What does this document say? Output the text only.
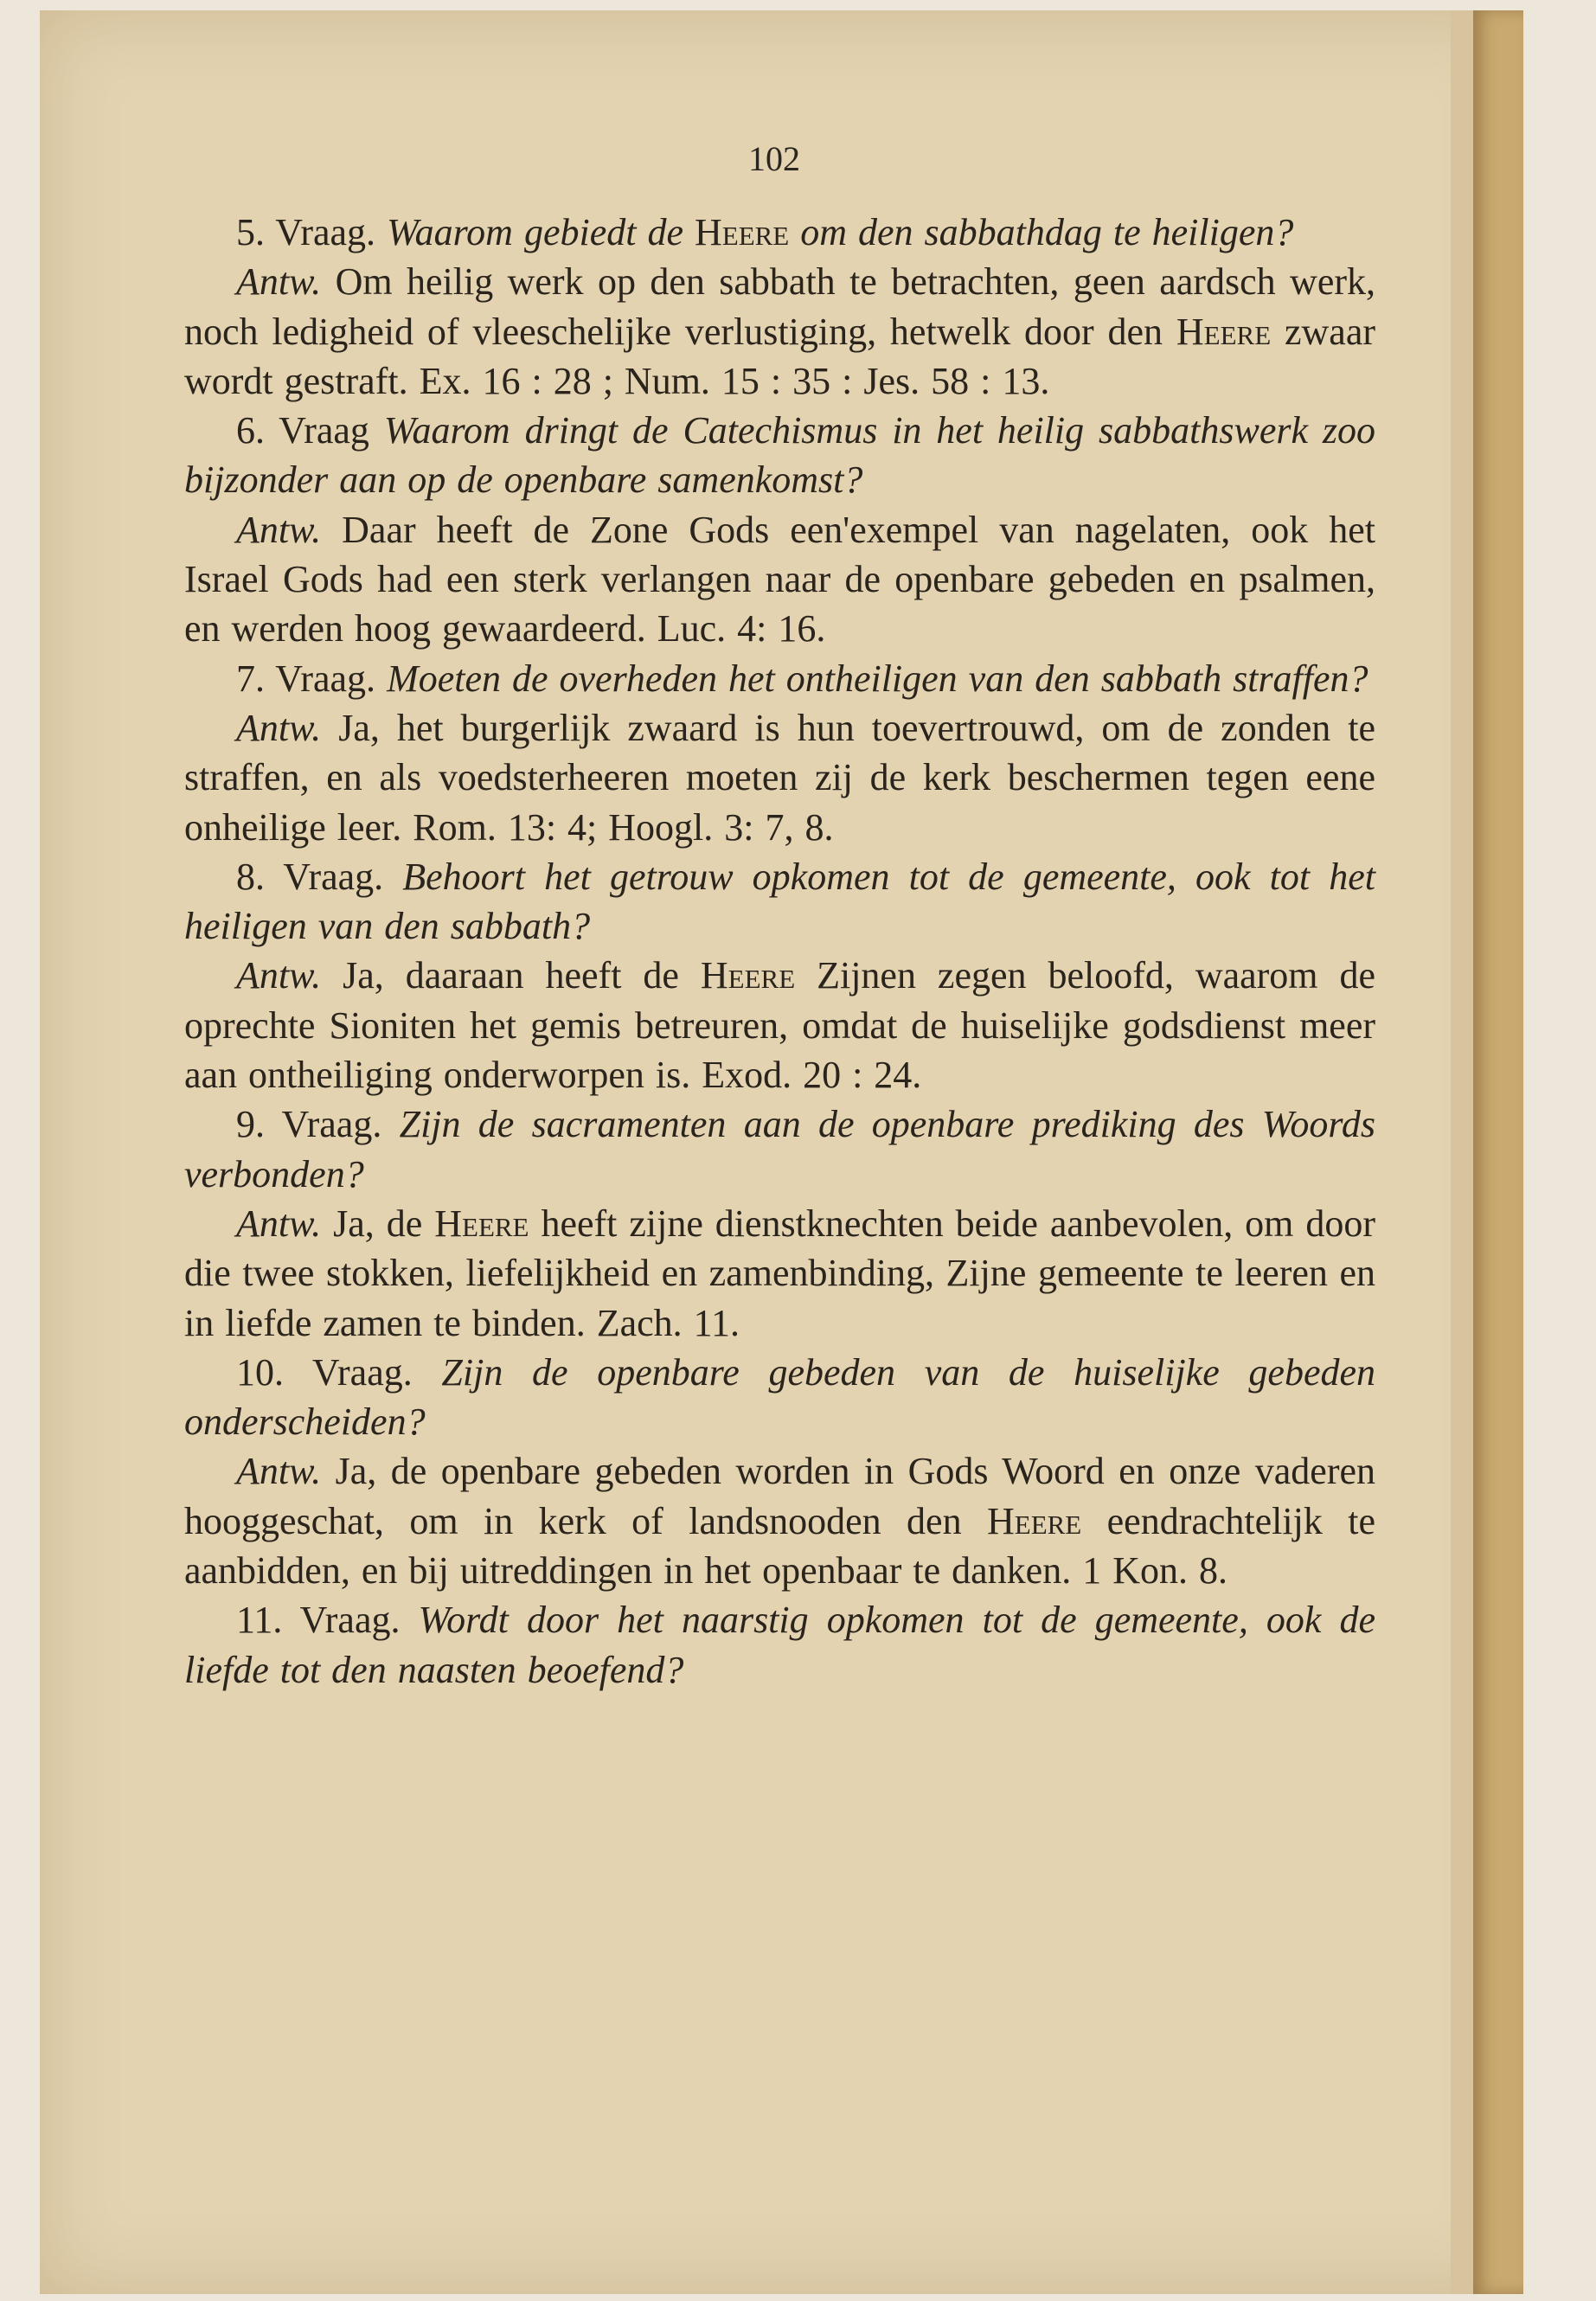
102

5. Vraag. Waarom gebiedt de Heere om den sabbathdag te heiligen?

Antw. Om heilig werk op den sabbath te betrachten, geen aardsch werk, noch ledigheid of vleeschelijke verlustiging, hetwelk door den Heere zwaar wordt gestraft. Ex. 16 : 28 ; Num. 15 : 35 : Jes. 58 : 13.

6. Vraag Waarom dringt de Catechismus in het heilig sabbathswerk zoo bijzonder aan op de openbare samenkomst?

Antw. Daar heeft de Zone Gods een'exempel van nagelaten, ook het Israel Gods had een sterk verlangen naar de openbare gebeden en psalmen, en werden hoog gewaardeerd. Luc. 4: 16.

7. Vraag. Moeten de overheden het ontheiligen van den sabbath straffen?

Antw. Ja, het burgerlijk zwaard is hun toevertrouwd, om de zonden te straffen, en als voedsterheeren moeten zij de kerk beschermen tegen eene onheilige leer. Rom. 13: 4; Hoogl. 3: 7, 8.

8. Vraag. Behoort het getrouw opkomen tot de gemeente, ook tot het heiligen van den sabbath?

Antw. Ja, daaraan heeft de Heere Zijnen zegen beloofd, waarom de oprechte Sioniten het gemis betreuren, omdat de huiselijke godsdienst meer aan ontheiliging onderworpen is. Exod. 20 : 24.

9. Vraag. Zijn de sacramenten aan de openbare prediking des Woords verbonden?

Antw. Ja, de Heere heeft zijne dienstknechten beide aanbevolen, om door die twee stokken, liefelijkheid en zamenbinding, Zijne gemeente te leeren en in liefde zamen te binden. Zach. 11.

10. Vraag. Zijn de openbare gebeden van de huiselijke gebeden onderscheiden?

Antw. Ja, de openbare gebeden worden in Gods Woord en onze vaderen hooggeschat, om in kerk of landsnooden den Heere eendrachtelijk te aanbidden, en bij uitreddingen in het openbaar te danken. 1 Kon. 8.

11. Vraag. Wordt door het naarstig opkomen tot de gemeente, ook de liefde tot den naasten beoefend?
